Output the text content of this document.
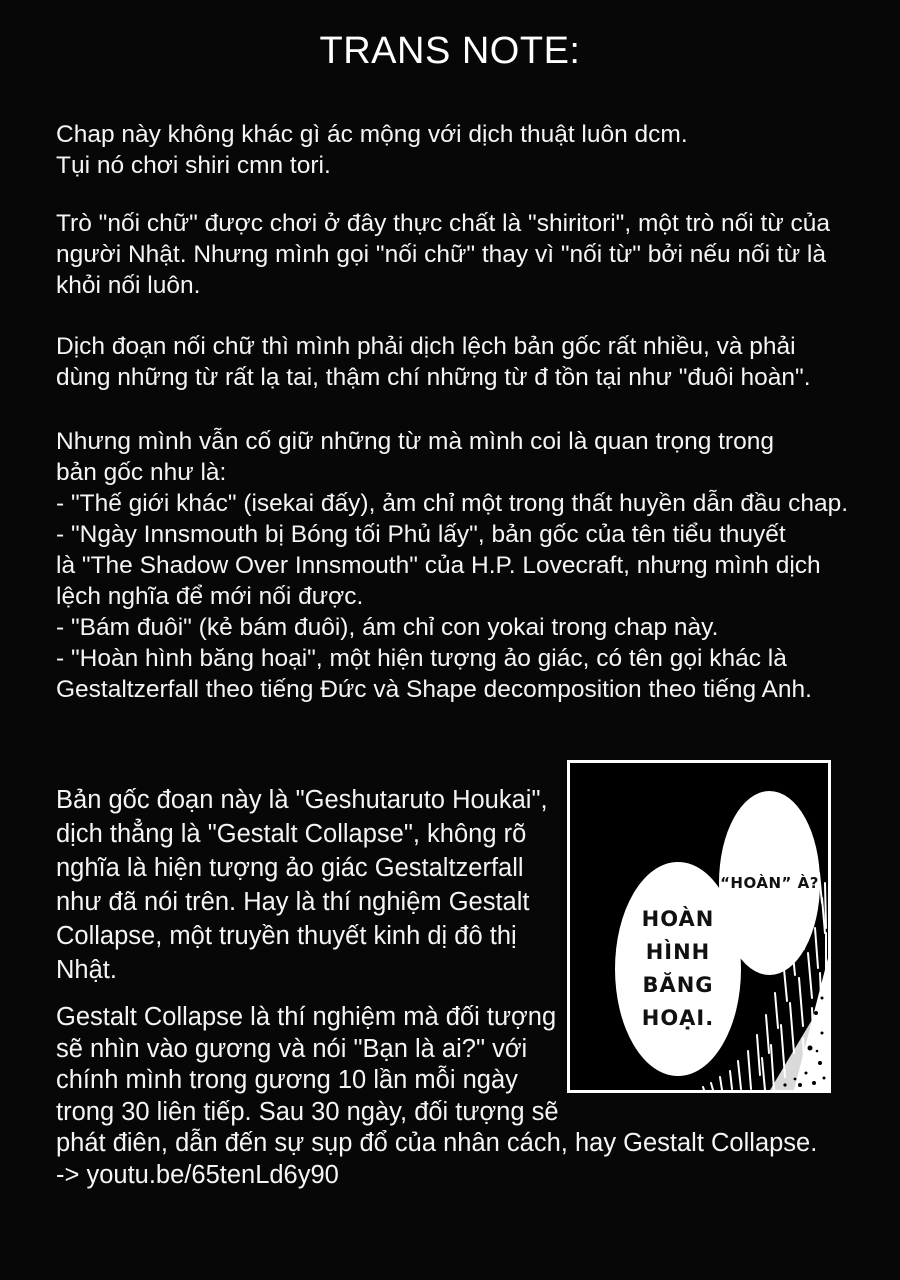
TRANS NOTE:
Chap này không khác gì ác mộng với dịch thuật luôn dcm.
Tụi nó chơi shiri cmn tori.
Trò "nối chữ" được chơi ở đây thực chất là "shiritori", một trò nối từ của
người Nhật. Nhưng mình gọi "nối chữ" thay vì "nối từ" bởi nếu nối từ là
khỏi nối luôn.
Dịch đoạn nối chữ thì mình phải dịch lệch bản gốc rất nhiều, và phải
dùng những từ rất lạ tai, thậm chí những từ đ tồn tại như "đuôi hoàn".
Nhưng mình vẫn cố giữ những từ mà mình coi là quan trọng trong
bản gốc như là:
- "Thế giới khác" (isekai đấy), ảm chỉ một trong thất huyền dẫn đầu chap.
- "Ngày Innsmouth bị Bóng tối Phủ lấy", bản gốc của tên tiểu thuyết
là "The Shadow Over Innsmouth" của H.P. Lovecraft, nhưng mình dịch
lệch nghĩa để mới nối được.
- "Bám đuôi" (kẻ bám đuôi), ám chỉ con yokai trong chap này.
- "Hoàn hình băng hoại", một hiện tượng ảo giác, có tên gọi khác là
Gestaltzerfall theo tiếng Đức và Shape decomposition theo tiếng Anh.
Bản gốc đoạn này là "Geshutaruto Houkai",
dịch thẳng là "Gestalt Collapse", không rõ
nghĩa là hiện tượng ảo giác Gestaltzerfall
như đã nói trên. Hay là thí nghiệm Gestalt
Collapse, một truyền thuyết kinh dị đô thị
Nhật.
Gestalt Collapse là thí nghiệm mà đối tượng
sẽ nhìn vào gương và nói "Bạn là ai?" với
chính mình trong gương 10 lần mỗi ngày
trong 30 liên tiếp. Sau 30 ngày, đối tượng sẽ
phát điên, dẫn đến sự sụp đổ của nhân cách, hay Gestalt Collapse.
-> youtu.be/65tenLd6y90
HOÀN
HÌNH
BĂNG
HOẠI.
“HOÀN” À?
